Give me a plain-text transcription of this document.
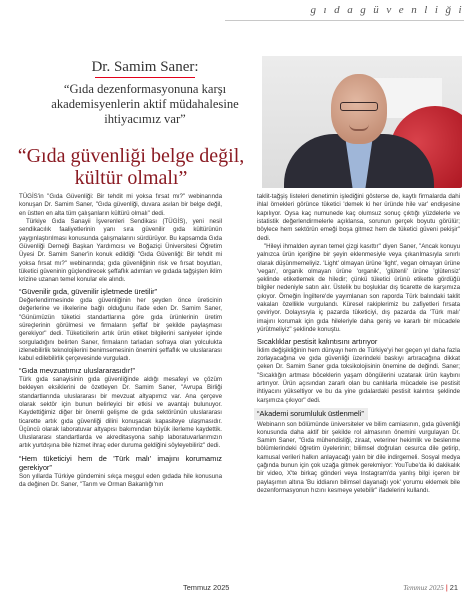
g ı d a g ü v e n l i ğ i
Dr. Samim Saner:
“Gıda dezenformasyonuna karşı akademisyenlerin aktif müdahalesine ihtiyacımız var”
“Gıda güvenliği belge değil, kültür olmalı”

TÜGİS'in "Gıda Güvenliği: Bir tehdit mi yoksa fırsat mı?" webinarında konuşan Dr. Samim Saner, "Gıda güvenliği, duvara asılan bir belge değil, en üstten en alta tüm çalışanların kültürü olmalı" dedi.

Türkiye Gıda Sanayii İşverenleri Sendikası (TÜGİS), yeni nesil sendikacılık faaliyetlerinin yanı sıra güvenilir gıda kültürünün yaygınlaştırılması konusunda çalışmalarını sürdürüyor. Bu kapsamda Gıda Güvenliği Derneği Başkan Yardımcısı ve Boğaziçi Üniversitesi Öğretim Üyesi Dr. Samim Saner'in konuk edildiği "Gıda Güvenliği: Bir tehdit mi yoksa fırsat mı?" webinarında; gıda güvenliğinin risk ve fırsat boyutları, tüketici güveninin güçlendirecek şeffaflık adımları ve gıdada tağşişten iklim krizine uzanan temel konular ele alındı.

“Güvenilir gıda, güvenilir işletmede üretilir”

Değerlendirmesinde gıda güvenliğinin her şeyden önce üreticinin değerlerine ve ilkelerine bağlı olduğunu ifade eden Dr. Samim Saner, "Günümüzün tüketici standartlarına göre gıda ürünlerinin üretim süreçlerinin görülmesi ve firmaların şeffaf bir şekilde paylaşması gerekiyor" dedi. Tüketicilerin artık ürün etiket bilgilerini saniyeler içinde sorguladığını belirten Saner, firmaların tarladan sofraya olan yolculukta izlenebilirlik teknolojilerini benimsemesinin önemini şeffaflık ve uluslararası kabul edilebilirlik çerçevesinde vurguladı.

“Gıda mevzuatımız uluslararasıdır!”

Türk gıda sanayisinin gıda güvenliğinde aldığı mesafeyi ve çözüm bekleyen eksiklerini de özetleyen Dr. Samim Saner, "Avrupa Birliği standartlarında uluslararası bir mevzuat altyapımız var. Ana çerçeve olarak sektör için bunun belirleyici bir etkisi ve avantajı bulunuyor. Kaydettiğimiz diğer bir önemli gelişme de gıda sektörünün uluslararası ticarette artık gıda güvenliği dilini konuşacak kapasiteye ulaşmasıdır. Üçüncü olarak laboratuvar altyapısı bakımından büyük ilerleme kaydettik. Uluslararası standartlarda ve akreditasyona sahip laboratuvarlarımızın artık yurtdışına bile hizmet ihraç eder duruma geldiğini söyleyebiliriz" dedi.

“Hem tüketiciyi hem de 'Türk malı' imajını korumamız gerekiyor”

Son yıllarda Türkiye gündemini sıkça meşgul eden gıdada hile konusuna da değinen Dr. Saner, "Tarım ve Orman Bakanlığı'nın

taklit-tağşiş listeleri denetimin işlediğini gösterse de, kaytlı firmalarda dahi ihlal örnekleri görünce tüketici 'demek ki her üründe hile var' endişesine kapılıyor. Oysa kaç numunede kaç olumsuz sonuç çıktığı yüzdelerle ve istatistik değerlendirmelerle açıklansa, sorunun gerçek boyutu görülür; böylece hem sektörün emeği boşa gitmez hem de tüketici güveni pekişir" dedi.

"Hileyi ihmalden ayıran temel çizgi kasıttır" diyen Saner, "Ancak konuyu yalnızca ürün içeriğine bir şeyin eklenmesiyle veya çıkarılmasıyla sınırlı olarak düşünmemeliyiz. 'Light' olmayan ürüne 'light', vegan olmayan ürüne 'vegan', organik olmayan ürüne 'organik', 'glütenli' ürüne 'glütensiz' şeklinde etiketlemek de hiledir; çünkü tüketici ürünü etikette gördüğü bilgiler nedeniyle satın alır. Üstelik bu boşluklar dış ticarette de karşımıza çıkıyor. Örneğin İngiltere'de yayımlanan son raporda Türk balındaki taklit vakaları özellikle vurgulandı. Küresel rakiplerimiz bu zafiyetleri fırsata çeviriyor. Dolayısıyla iç pazarda tüketiciyi, dış pazarda da 'Türk malı' imajını korumak için gıda hileleriyle daha geniş ve kararlı bir mücadele yürütmeliyiz" şeklinde konuştu.

Sıcaklıklar pestisit kalıntısını artırıyor

İklim değişikliğinin hem dünyayı hem de Türkiye'yi her geçen yıl daha fazla zorlayacağına ve gıda güvenliği üzerindeki baskıyı artıracağına dikkat çeken Dr. Samim Saner gıda toksikolojisinin önemine de değindi. Saner; "Sıcaklığın artması böceklerin yaşam döngülerini uzatarak ürün kaybını artırıyor. Ürün açısından zararlı olan bu canlılarla mücadele ise pestisit ihtiyacını yükseltiyor ve bu da yine gıdalardaki pestisit kalıntısı şeklinde karşımıza çıkıyor" dedi.

“Akademi sorumluluk üstlenmeli”

Webinarın son bölümünde üniversiteler ve bilim camiasının, gıda güvenliği konusunda daha aktif bir şekilde rol almasının önemini vurgulayan Dr. Samim Saner, "Gıda mühendisliği, ziraat, veteriner hekimlik ve beslenme bölümlerindeki öğretim üyelerinin; bilimsel doğruları cesurca dile getirip, kamusal verileri halkın anlayacağı yalın bir dile indirgemeli. Sosyal medya çağında bunun için çok uzağa gitmek gerekmiyor: YouTube'da iki dakikalık bir video, X'te birkaç gönderi veya Instagram'da yanlış bilgi içeren bir paylaşımın altına 'Bu iddianın bilimsel dayanağı yok' yorumu eklemek bile dezenformasyonun hızını kesmeye yetebilir" ifadelerini kullandı.

Temmuz 2025	Temmuz 2025 | 21
